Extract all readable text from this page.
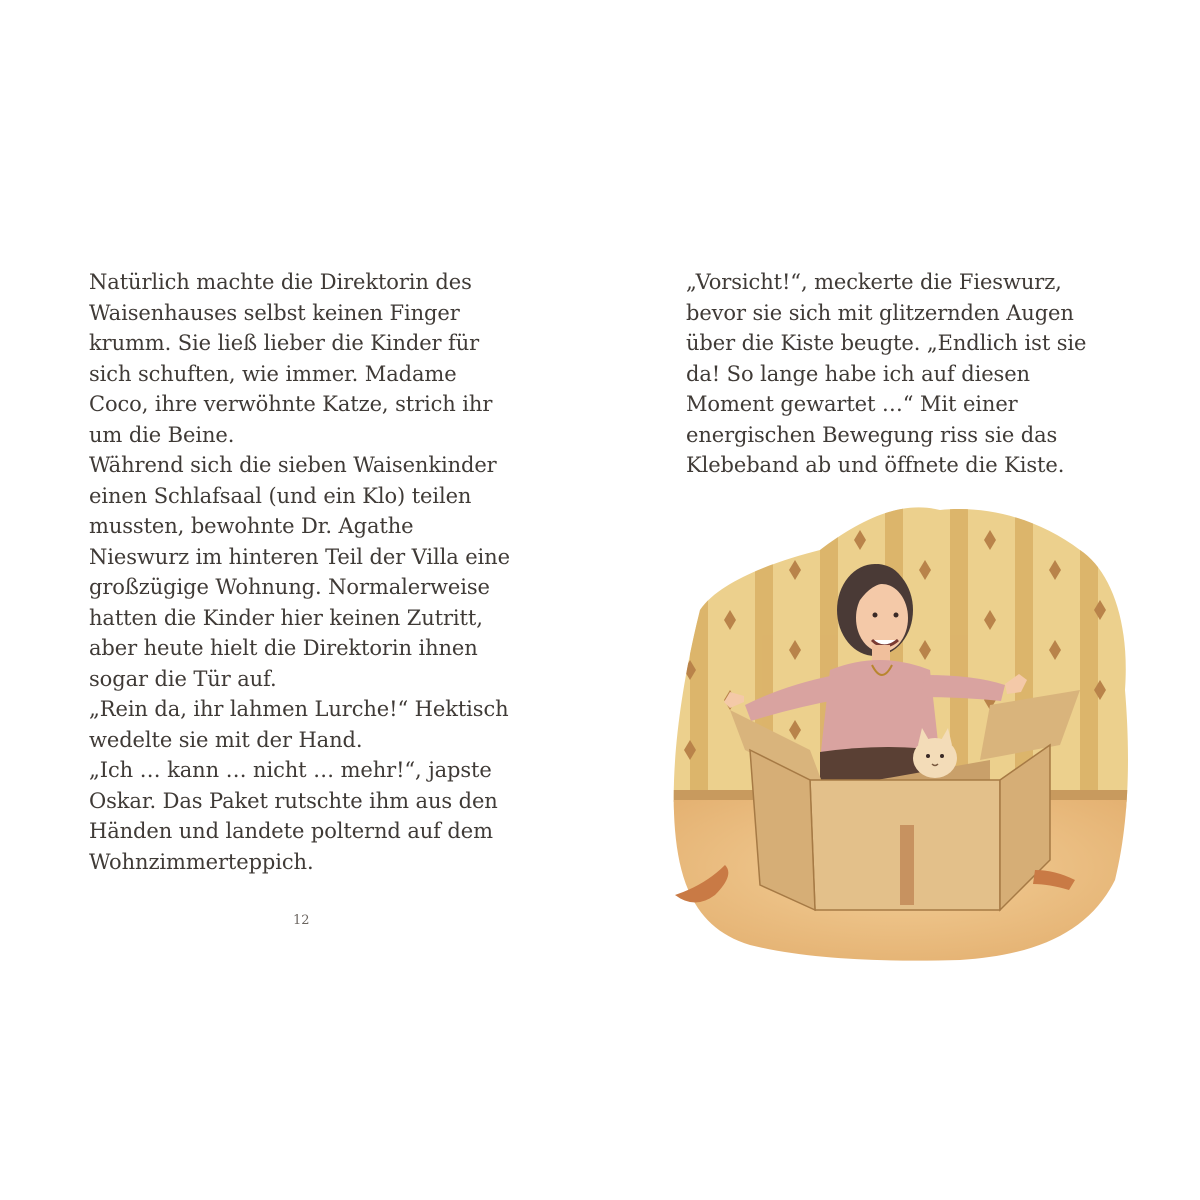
Natürlich machte die Direktorin des
Waisenhauses selbst keinen Finger
krumm. Sie ließ lieber die Kinder für
sich schuften, wie immer. Madame
Coco, ihre verwöhnte Katze, strich ihr
um die Beine.
Während sich die sieben Waisenkinder
einen Schlafsaal (und ein Klo) teilen
mussten, bewohnte Dr. Agathe
Nieswurz im hinteren Teil der Villa eine
großzügige Wohnung. Normalerweise
hatten die Kinder hier keinen Zutritt,
aber heute hielt die Direktorin ihnen
sogar die Tür auf.
„Rein da, ihr lahmen Lurche!“ Hektisch
wedelte sie mit der Hand.
„Ich … kann … nicht … mehr!“, japste
Oskar. Das Paket rutschte ihm aus den
Händen und landete polternd auf dem
Wohnzimmerteppich.
12
„Vorsicht!“, meckerte die Fieswurz,
bevor sie sich mit glitzernden Augen
über die Kiste beugte. „Endlich ist sie
da! So lange habe ich auf diesen
Moment gewartet …“ Mit einer
energischen Bewegung riss sie das
Klebeband ab und öffnete die Kiste.
